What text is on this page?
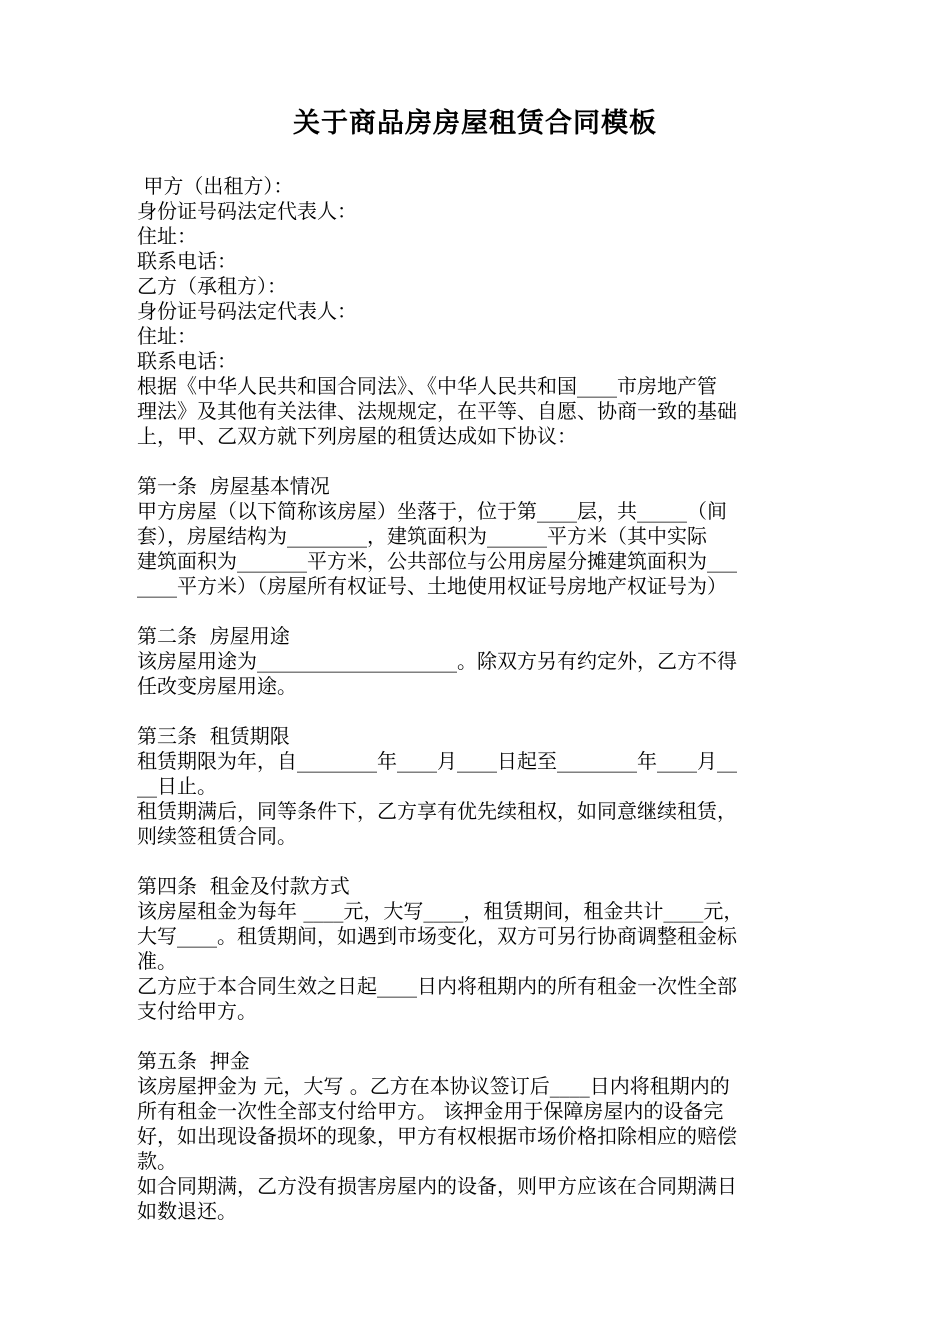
关于商品房房屋租赁合同模板
甲方（出租方）：
身份证号码法定代表人：
住址：
联系电话：
乙方（承租方）：
身份证号码法定代表人：
住址：
联系电话：
根据《中华人民共和国合同法》、《中华人民共和国____市房地产管
理法》及其他有关法律、法规规定，在平等、自愿、协商一致的基础
上，甲、乙双方就下列房屋的租赁达成如下协议：
第一条  房屋基本情况
甲方房屋（以下简称该房屋）坐落于，位于第____层，共_____（间
套），房屋结构为________，建筑面积为______平方米（其中实际
建筑面积为_______平方米，公共部位与公用房屋分摊建筑面积为___
____平方米）（房屋所有权证号、土地使用权证号房地产权证号为）
第二条  房屋用途
该房屋用途为____________________。除双方另有约定外，乙方不得
任改变房屋用途。
第三条  租赁期限
租赁期限为年，自________年____月____日起至________年____月__
__日止。
租赁期满后，同等条件下，乙方享有优先续租权，如同意继续租赁，
则续签租赁合同。
第四条  租金及付款方式
该房屋租金为每年 ____元，大写____，租赁期间，租金共计____元，
大写____。租赁期间，如遇到市场变化，双方可另行协商调整租金标
准。
乙方应于本合同生效之日起____日内将租期内的所有租金一次性全部
支付给甲方。
第五条  押金
该房屋押金为 元，大写 。乙方在本协议签订后____日内将租期内的
所有租金一次性全部支付给甲方。 该押金用于保障房屋内的设备完
好，如出现设备损坏的现象，甲方有权根据市场价格扣除相应的赔偿
款。
如合同期满，乙方没有损害房屋内的设备，则甲方应该在合同期满日
如数退还。
